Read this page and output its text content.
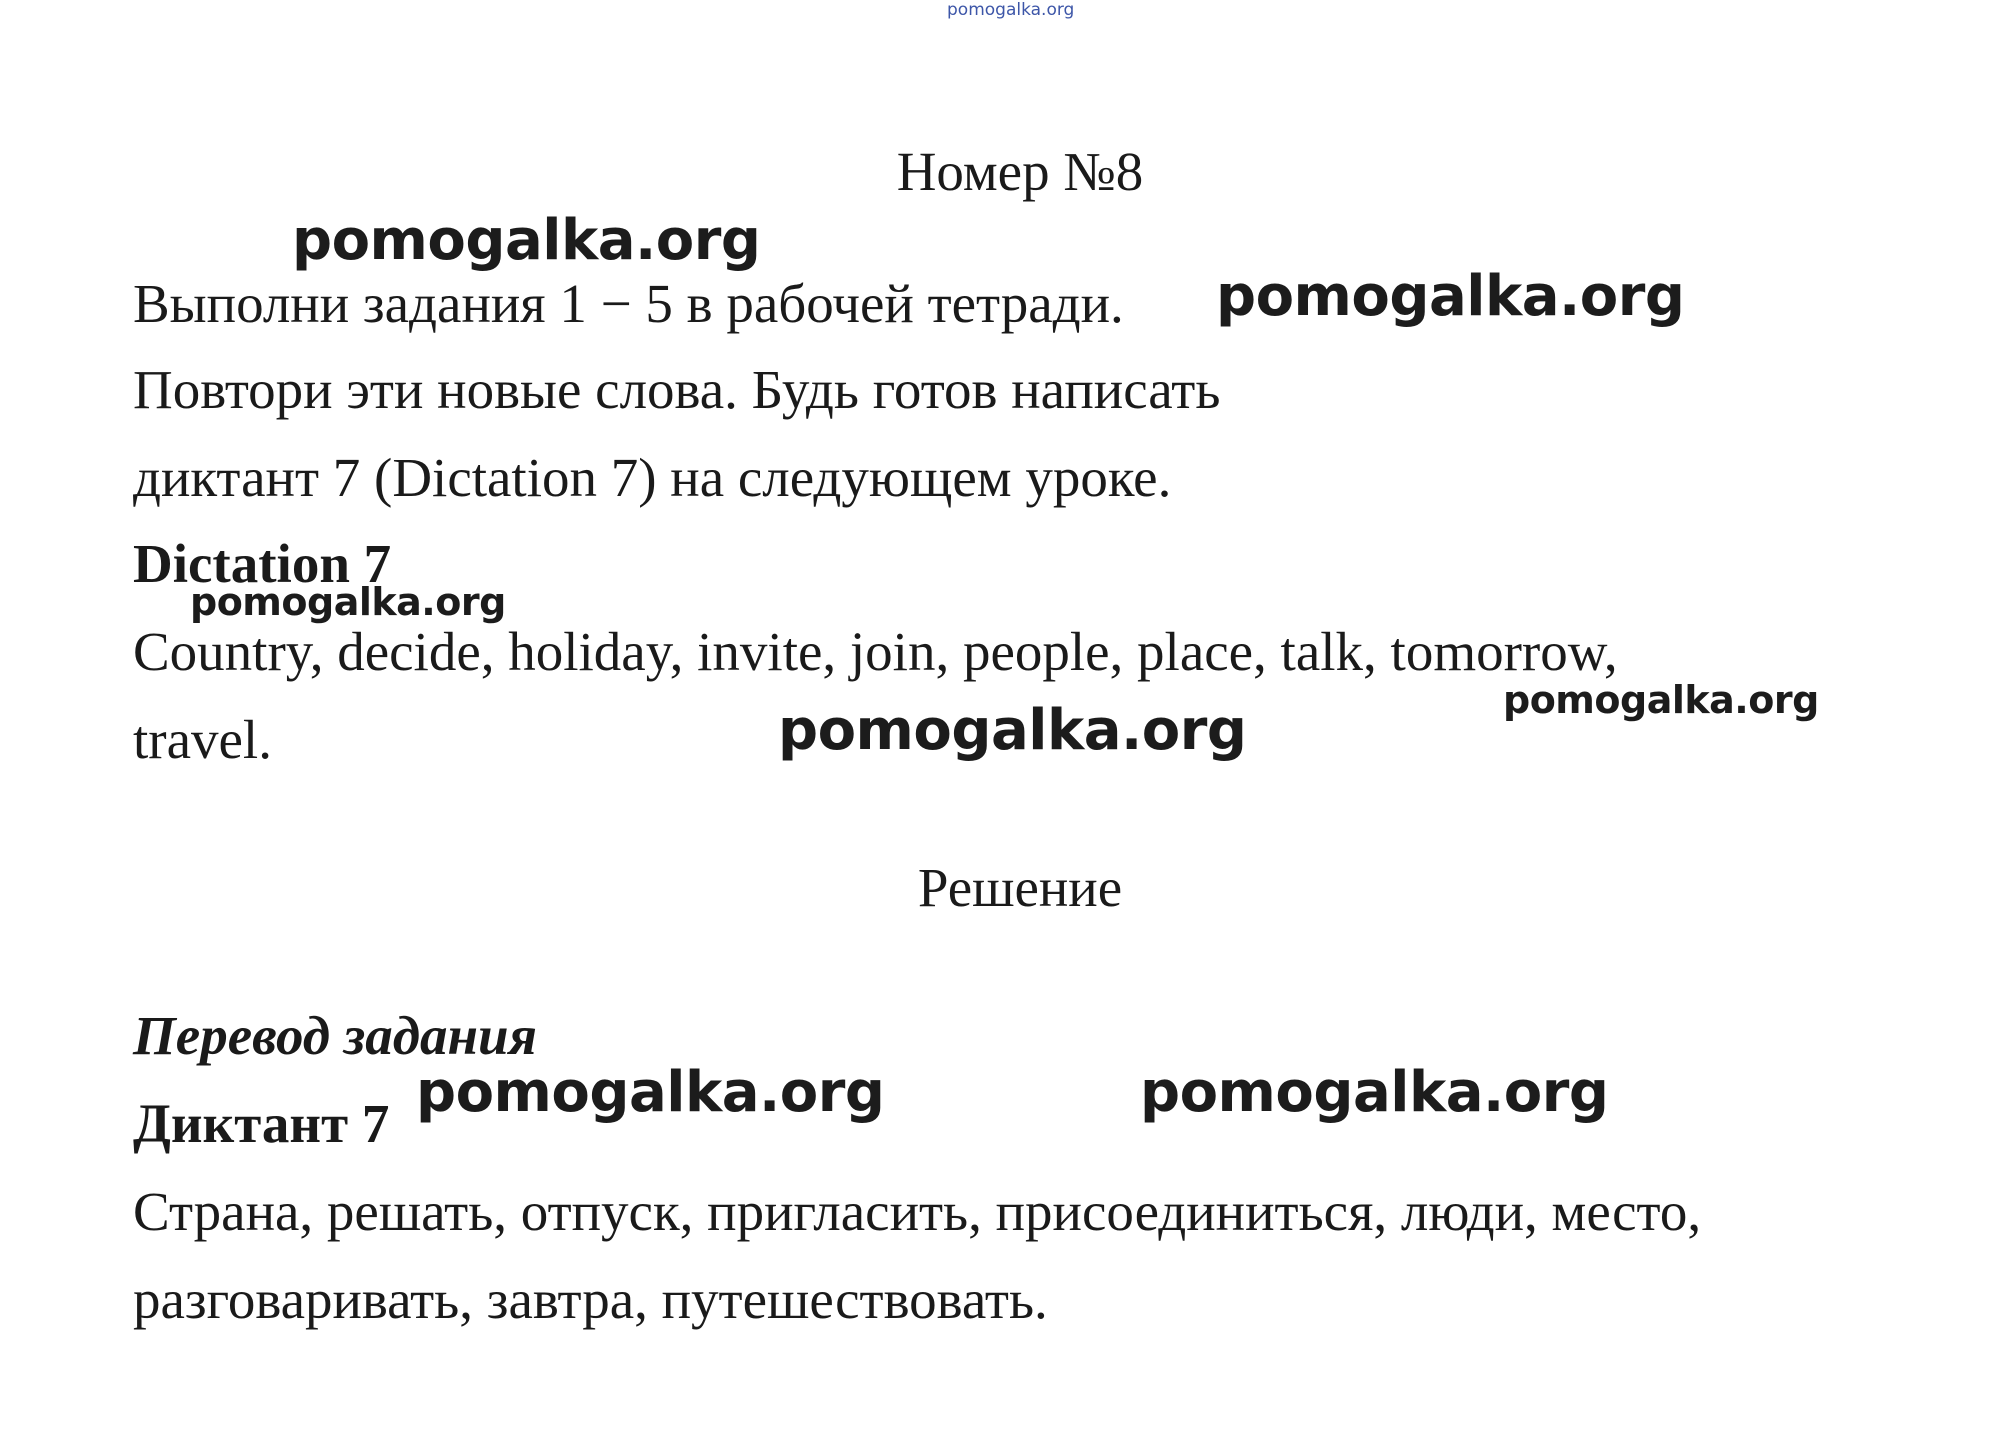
pomogalka.org
Номер №8
pomogalka.org
Выполни задания 1 − 5 в рабочей тетради. pomogalka.org
Повтори эти новые слова. Будь готов написать
диктант 7 (Dictation 7) на следующем уроке.
Dictation 7
pomogalka.org
Country, decide, holiday, invite, join, people, place, talk, tomorrow,
pomogalka.org
travel.	pomogalka.org
Решение
Перевод задания
Диктант 7 pomogalka.org	pomogalka.org
Страна, решать, отпуск, пригласить, присоединиться, люди, место,
разговаривать, завтра, путешествовать.
